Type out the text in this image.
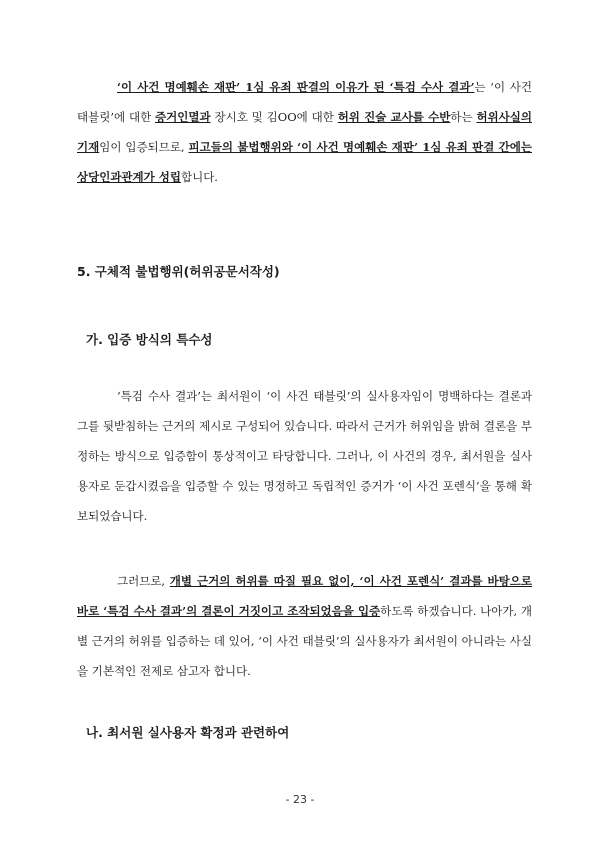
‘이 사건 명예훼손 재판’ 1심 유죄 판결의 이유가 된 ‘특검 수사 결과’는 ‘이 사건 태블릿’에 대한 증거인멸과 장시호 및 김OO에 대한 허위 진술 교사를 수반하는 허위사실의 기재임이 입증되므로, 피고들의 불법행위와 ‘이 사건 명예훼손 재판’ 1심 유죄 판결 간에는 상당인과관계가 성립합니다.

5. 구체적 불법행위(허위공문서작성)

가. 입증 방식의 특수성

‘특검 수사 결과’는 최서원이 ‘이 사건 태블릿’의 실사용자임이 명백하다는 결론과 그를 뒷받침하는 근거의 제시로 구성되어 있습니다. 따라서 근거가 허위임을 밝혀 결론을 부정하는 방식으로 입증함이 통상적이고 타당합니다. 그러나, 이 사건의 경우, 최서원을 실사용자로 둔갑시켰음을 입증할 수 있는 명정하고 독립적인 증거가 ‘이 사건 포렌식’을 통해 확보되었습니다.

그러므로, 개별 근거의 허위를 따질 필요 없이, ‘이 사건 포렌식’ 결과를 바탕으로 바로 ‘특검 수사 결과’의 결론이 거짓이고 조작되었음을 입증하도록 하겠습니다. 나아가, 개별 근거의 허위를 입증하는 데 있어, ‘이 사건 태블릿’의 실사용자가 최서원이 아니라는 사실을 기본적인 전제로 삼고자 합니다.

나. 최서원 실사용자 확정과 관련하여

- 23 -
